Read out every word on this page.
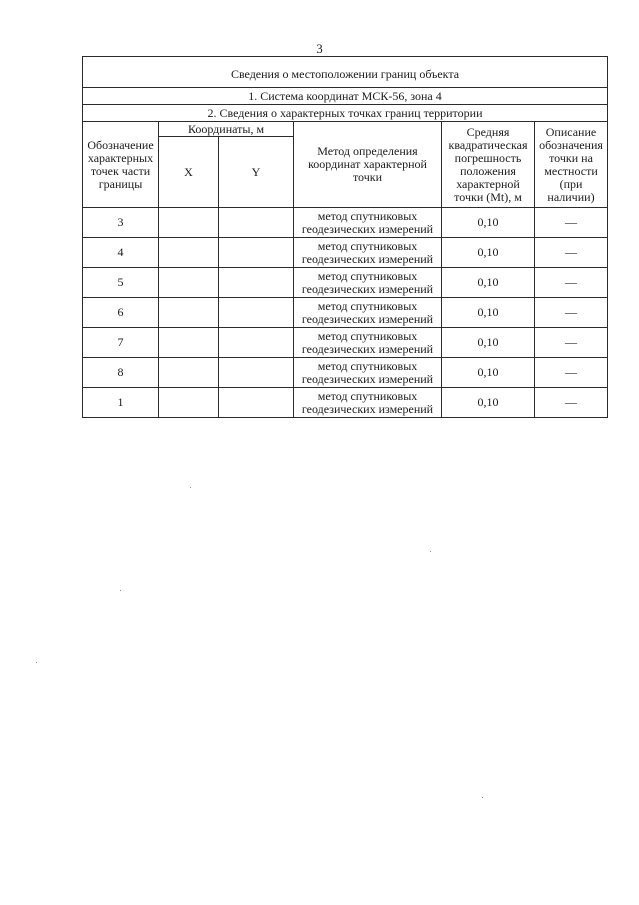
3
Сведения о местоположении границ объекта					
1. Система координат МСК-56, зона 4					
2. Сведения о характерных точках границ территории					
Обозначение характерных точек части границы	Координаты, м		Метод определения координат характерной точки	Средняя квадратическая погрешность положения характерной точки (Mt), м	Описание обозначения точки на местности (при наличии)
	X	Y			
3			метод спутниковых геодезических измерений	0,10	—
4			метод спутниковых геодезических измерений	0,10	—
5			метод спутниковых геодезических измерений	0,10	—
6			метод спутниковых геодезических измерений	0,10	—
7			метод спутниковых геодезических измерений	0,10	—
8			метод спутниковых геодезических измерений	0,10	—
1			метод спутниковых геодезических измерений	0,10	—
